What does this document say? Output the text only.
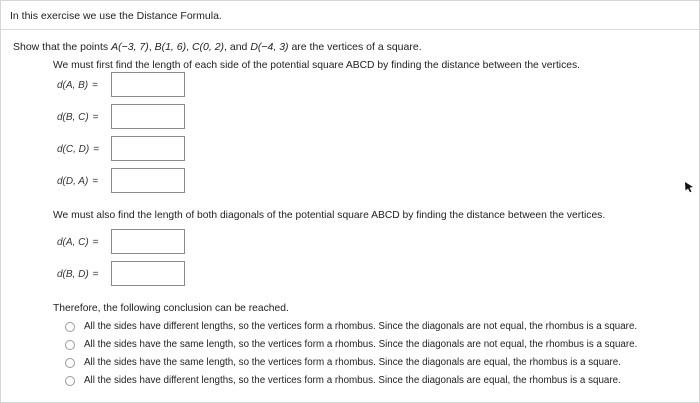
In this exercise we use the Distance Formula.
Show that the points A(−3, 7), B(1, 6), C(0, 2), and D(−4, 3) are the vertices of a square.
We must first find the length of each side of the potential square ABCD by finding the distance between the vertices.
d(A, B) =
d(B, C) =
d(C, D) =
d(D, A) =
We must also find the length of both diagonals of the potential square ABCD by finding the distance between the vertices.
d(A, C) =
d(B, D) =
Therefore, the following conclusion can be reached.
All the sides have different lengths, so the vertices form a rhombus. Since the diagonals are not equal, the rhombus is a square.
All the sides have the same length, so the vertices form a rhombus. Since the diagonals are not equal, the rhombus is a square.
All the sides have the same length, so the vertices form a rhombus. Since the diagonals are equal, the rhombus is a square.
All the sides have different lengths, so the vertices form a rhombus. Since the diagonals are equal, the rhombus is a square.
